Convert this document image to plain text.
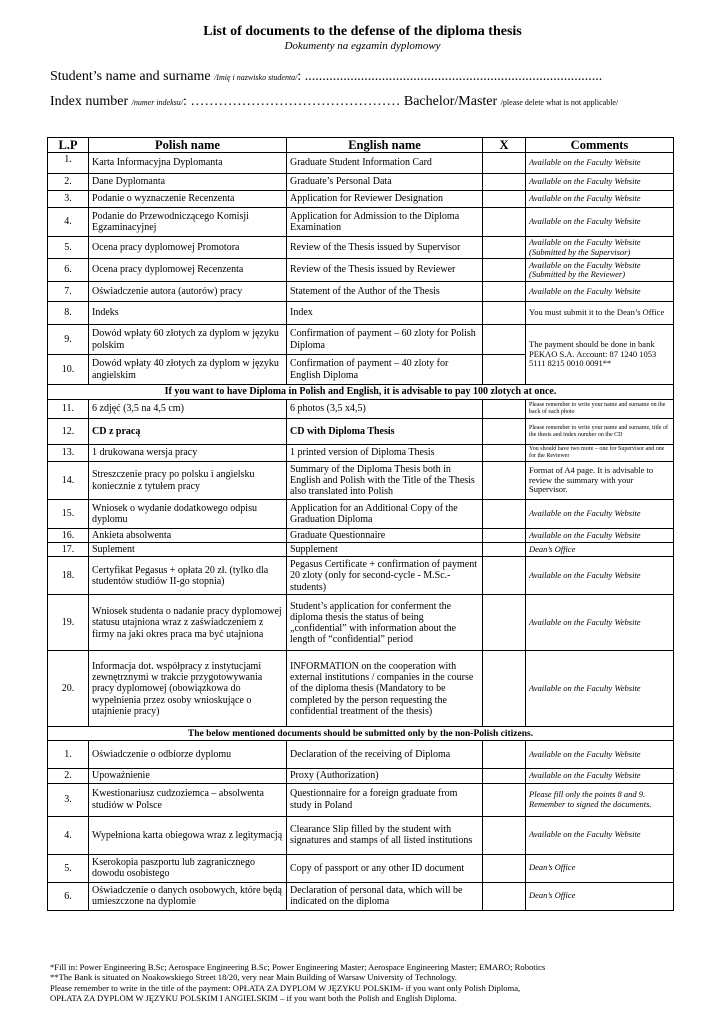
List of documents to the defense of the diploma thesis
Dokumenty na egzamin dyplomowy
Student’s name and surname /Imię i nazwisko studenta/: .....................................................................................
Index number /numer indeksu/: ……………………………………… Bachelor/Master /please delete what is not applicable/
L.P	Polish name	English name	X	Comments
1.	Karta Informacyjna Dyplomanta	Graduate Student Information Card		Available on the Faculty Website
2.	Dane Dyplomanta	Graduate’s Personal Data		Available on the Faculty Website
3.	Podanie o wyznaczenie Recenzenta	Application for Reviewer Designation		Available on the Faculty Website
4.	Podanie do Przewodniczącego Komisji Egzaminacyjnej	Application for Admission to the Diploma Examination		Available on the Faculty Website
5.	Ocena pracy dyplomowej Promotora	Review of the Thesis issued by Supervisor		Available on the Faculty Website (Submitted by the Supervisor)
6.	Ocena pracy dyplomowej Recenzenta	Review of the Thesis issued by Reviewer		Available on the Faculty Website (Submitted by the Reviewer)
7.	Oświadczenie autora (autorów) pracy	Statement of the Author of the Thesis		Available on the Faculty Website
8.	Indeks	Index		You must submit it to the Dean’s Office
9.	Dowód wpłaty 60 złotych za dyplom w języku polskim	Confirmation of payment – 60 zloty for Polish Diploma		The payment should be done in bank PEKAO S.A. Account: 87 1240 1053 5111 8215 0010 0091**
10.	Dowód wpłaty 40 złotych za dyplom w języku angielskim	Confirmation of payment – 40 zloty for English Diploma		
If you want to have Diploma in Polish and English, it is advisable to pay 100 zlotych at once.				
11.	6 zdjęć (3,5 na 4,5 cm)	6 photos (3,5 x4,5)		Please remember to write your name and surname on the back of each photo
12.	CD z pracą	CD with Diploma Thesis		Please remember to write your name and surname, title of the thesis and index number on the CD
13.	1 drukowana wersja pracy	1 printed version of Diploma Thesis		You should have two more – one for Supervisor and one for the Reviewer
14.	Streszczenie pracy po polsku i angielsku koniecznie z tytułem pracy	Summary of the Diploma Thesis both in English and Polish with the Title of the Thesis also translated into Polish		Format of A4 page. It is advisable to review the summary with your Supervisor.
15.	Wniosek o wydanie dodatkowego odpisu dyplomu	Application for an Additional Copy of the Graduation Diploma		Available on the Faculty Website
16.	Ankieta absolwenta	Graduate Questionnaire		Available on the Faculty Website
17.	Suplement	Supplement		Dean’s Office
18.	Certyfikat Pegasus + opłata 20 zł. (tylko dla studentów studiów II-go stopnia)	Pegasus Certificate + confirmation of payment 20 zloty (only for second-cycle - M.Sc.- students)		Available on the Faculty Website
19.	Wniosek studenta o nadanie pracy dyplomowej statusu utajniona wraz z zaświadczeniem z firmy na jaki okres praca ma być utajniona	Student’s application for conferment the diploma thesis the status of being „confidential” with information about the length of “confidential” period		Available on the Faculty Website
20.	Informacja dot. współpracy z instytucjami zewnętrznymi w trakcie przygotowywania pracy dyplomowej (obowiązkowa do wypełnienia przez osoby wnioskujące o utajnienie pracy)	INFORMATION on the cooperation with external institutions / companies in the course of the diploma thesis (Mandatory to be completed by the person requesting the confidential treatment of the thesis)		Available on the Faculty Website
The below mentioned documents should be submitted only by the non-Polish citizens.				
1.	Oświadczenie o odbiorze dyplomu	Declaration of the receiving of Diploma		Available on the Faculty Website
2.	Upoważnienie	Proxy (Authorization)		Available on the Faculty Website
3.	Kwestionariusz cudzoziemca – absolwenta studiów w Polsce	Questionnaire for a foreign graduate from study in Poland		Please fill only the points 8 and 9. Remember to signed the documents.
4.	Wypełniona karta obiegowa wraz z legitymacją	Clearance Slip filled by the student with signatures and stamps of all listed institutions		Available on the Faculty Website
5.	Kserokopia paszportu lub zagranicznego dowodu osobistego	Copy of passport or any other ID document		Dean’s Office
6.	Oświadczenie o danych osobowych, które będą umieszczone na dyplomie	Declaration of personal data, which will be indicated on the diploma		Dean’s Office
*Fill in: Power Engineering B.Sc; Aerospace Engineering B.Sc; Power Engineering Master; Aerospace Engineering Master; EMARO; Robotics
**The Bank is situated on Noakowskiego Street 18/20, very near Main Building of Warsaw University of Technology.
Please remember to write in the title of the payment: OPŁATA ZA DYPLOM W JĘZYKU POLSKIM- if you want only Polish Diploma,
OPŁATA ZA DYPLOM W JĘZYKU POLSKIM I ANGIELSKIM – if you want both the Polish and English Diploma.
